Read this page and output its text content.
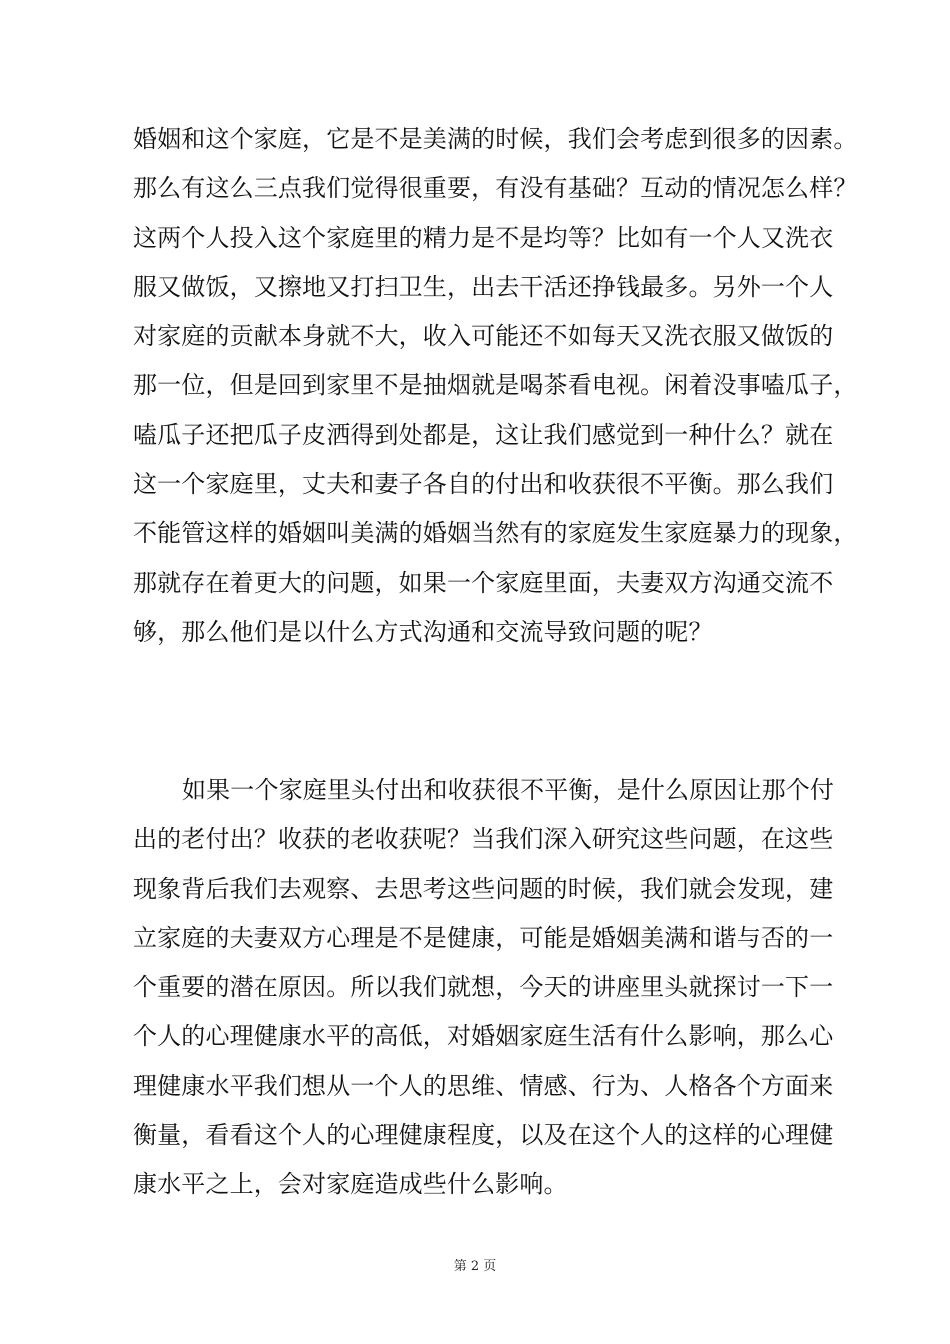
婚姻和这个家庭，它是不是美满的时候，我们会考虑到很多的因素。
那么有这么三点我们觉得很重要，有没有基础？互动的情况怎么样？
这两个人投入这个家庭里的精力是不是均等？比如有一个人又洗衣
服又做饭，又擦地又打扫卫生，出去干活还挣钱最多。另外一个人
对家庭的贡献本身就不大，收入可能还不如每天又洗衣服又做饭的
那一位，但是回到家里不是抽烟就是喝茶看电视。闲着没事嗑瓜子，
嗑瓜子还把瓜子皮洒得到处都是，这让我们感觉到一种什么？就在
这一个家庭里，丈夫和妻子各自的付出和收获很不平衡。那么我们
不能管这样的婚姻叫美满的婚姻当然有的家庭发生家庭暴力的现象，
那就存在着更大的问题，如果一个家庭里面，夫妻双方沟通交流不
够，那么他们是以什么方式沟通和交流导致问题的呢？
如果一个家庭里头付出和收获很不平衡，是什么原因让那个付
出的老付出？收获的老收获呢？当我们深入研究这些问题，在这些
现象背后我们去观察、去思考这些问题的时候，我们就会发现，建
立家庭的夫妻双方心理是不是健康，可能是婚姻美满和谐与否的一
个重要的潜在原因。所以我们就想，今天的讲座里头就探讨一下一
个人的心理健康水平的高低，对婚姻家庭生活有什么影响，那么心
理健康水平我们想从一个人的思维、情感、行为、人格各个方面来
衡量，看看这个人的心理健康程度，以及在这个人的这样的心理健
康水平之上，会对家庭造成些什么影响。
第 2 页
